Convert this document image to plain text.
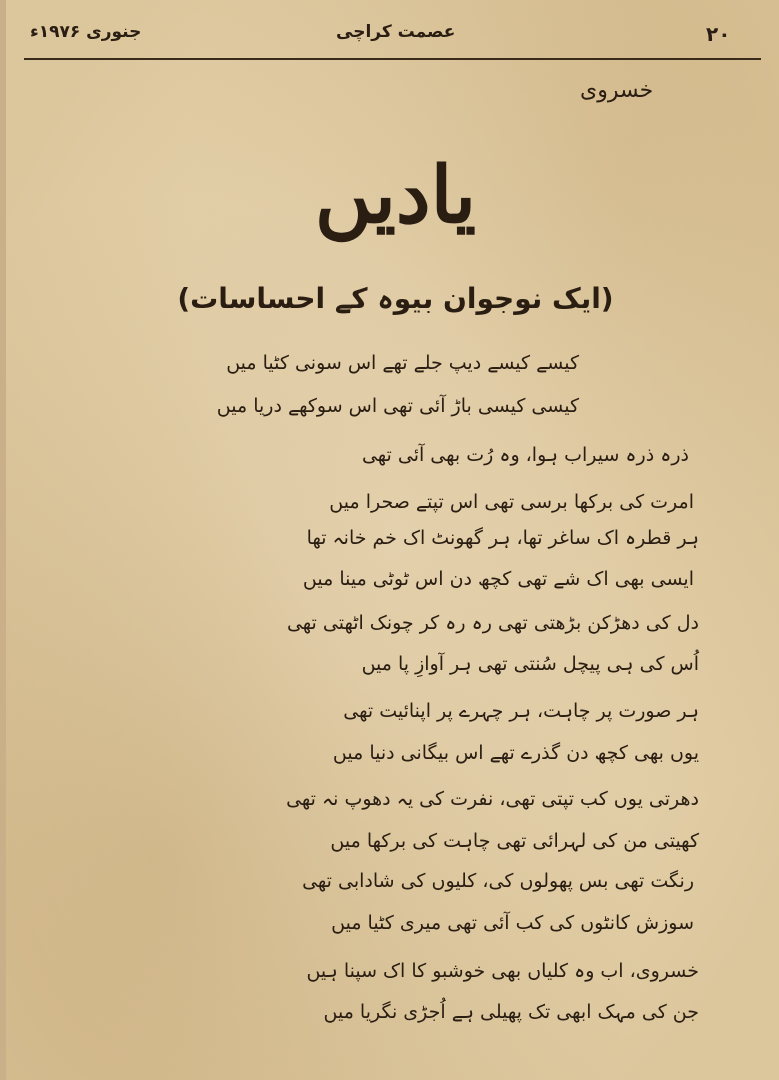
۲۰
عصمت کراچی
جنوری ۱۹۷۶ء
خسروی
یادیں
(ایک نوجوان بیوہ کے احساسات)
کیسے کیسے دیپ جلے تھے اس سونی کٹیا میں
کیسی کیسی باڑ آئی تھی اس سوکھے دریا میں
ذرہ ذرہ سیراب ہوا، وہ رُت بھی آئی تھی
امرت کی برکھا برسی تھی اس تپتے صحرا میں
ہر قطرہ اک ساغر تھا، ہر گھونٹ اک خم خانہ تھا
ایسی بھی اک شے تھی کچھ دن اس ٹوٹی مینا میں
دل کی دھڑکن بڑھتی تھی رہ رہ کر چونک اٹھتی تھی
اُس کی ہی پیچل سُنتی تھی ہر آوازِ پا میں
ہر صورت پر چاہت، ہر چہرے پر اپنائیت تھی
یوں بھی کچھ دن گذرے تھے اس بیگانی دنیا میں
دھرتی یوں کب تپتی تھی، نفرت کی یہ دھوپ نہ تھی
کھیتی من کی لہرائی تھی چاہت کی برکھا میں
رنگت تھی بس پھولوں کی، کلیوں کی شادابی تھی
سوزش کانٹوں کی کب آئی تھی میری کٹیا میں
خسروی، اب وہ کلیاں بھی خوشبو کا اک سپنا ہیں
جن کی مہک ابھی تک پھیلی ہے اُجڑی نگریا میں
